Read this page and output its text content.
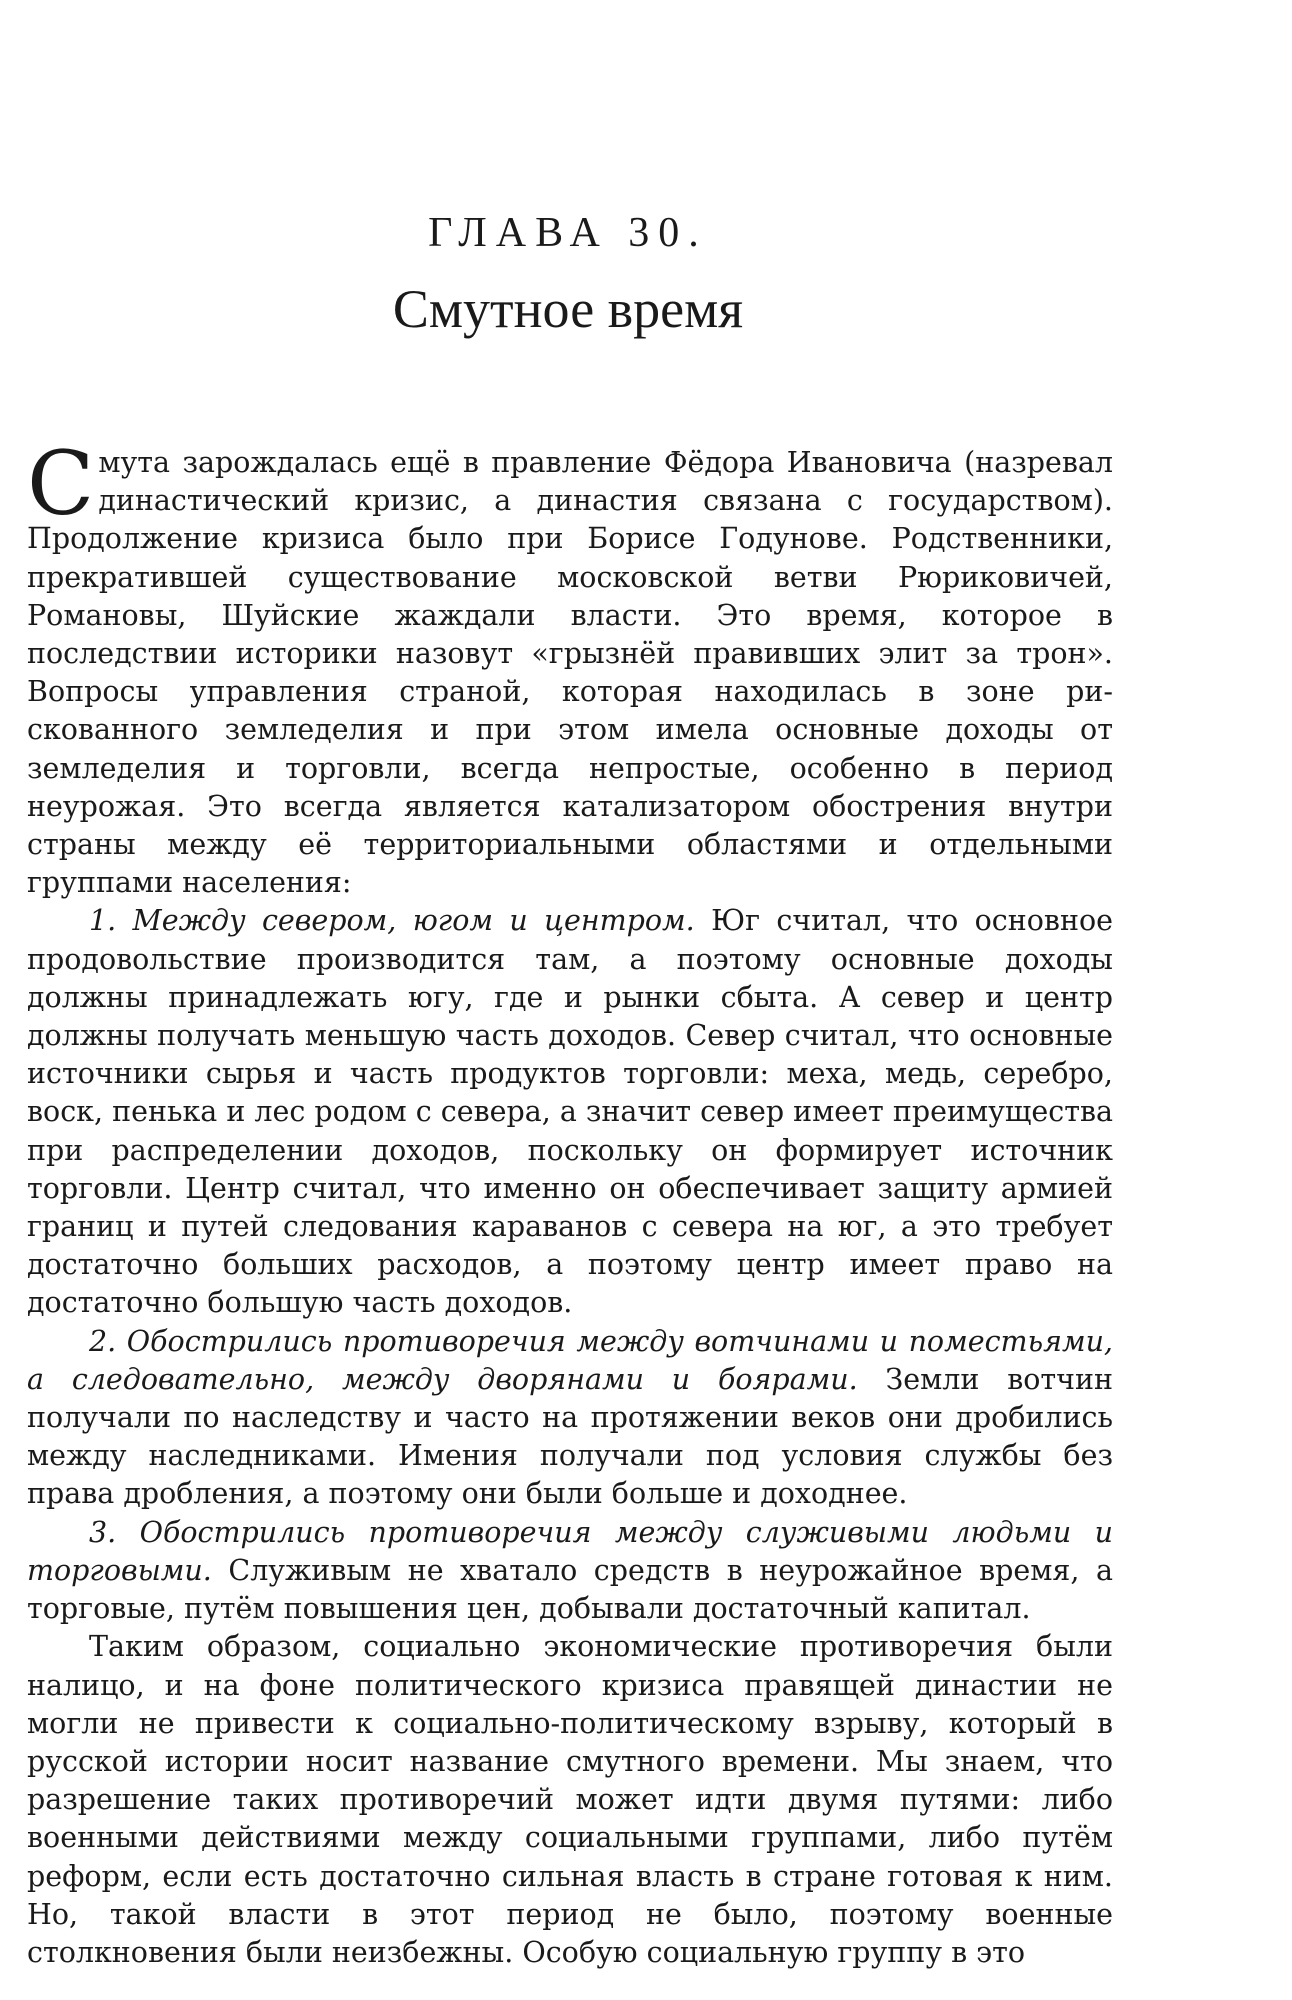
ГЛАВА 30.
Смутное время

Смута зарождалась ещё в правление Фёдора Ивановича (назревал династический кризис, а династия связана с государством). Продолжение кризиса было при Борисе Годунове. Родственники, прекратившей существование московской ветви Рюриковичей, Романовы, Шуйские жаждали власти. Это время, которое в последствии историки назовут «грызнёй правивших элит за трон». Вопросы управления страной, которая находилась в зоне рискованного земледелия и при этом имела основные доходы от земледелия и торговли, всегда непростые, особенно в период неурожая. Это всегда является катализатором обострения внутри страны между её территориальными областями и отдельными группами населения:

1. Между севером, югом и центром. Юг считал, что основное продовольствие производится там, а поэтому основные доходы должны принадлежать югу, где и рынки сбыта. А север и центр должны получать меньшую часть доходов. Север считал, что основные источники сырья и часть продуктов торговли: меха, медь, серебро, воск, пенька и лес родом с севера, а значит север имеет преимущества при распределении доходов, поскольку он формирует источник торговли. Центр считал, что именно он обеспечивает защиту армией границ и путей следования караванов с севера на юг, а это требует достаточно больших расходов, а поэтому центр имеет право на достаточно большую часть доходов.

2. Обострились противоречия между вотчинами и поместьями, а следовательно, между дворянами и боярами. Земли вотчин получали по наследству и часто на протяжении веков они дробились между наследниками. Имения получали под условия службы без права дробления, а поэтому они были больше и доходнее.

3. Обострились противоречия между служивыми людьми и торговыми. Служивым не хватало средств в неурожайное время, а торговые, путём повышения цен, добывали достаточный капитал.

Таким образом, социально экономические противоречия были налицо, и на фоне политического кризиса правящей династии не могли не привести к социально-политическому взрыву, который в русской истории носит название смутного времени. Мы знаем, что разрешение таких противоречий может идти двумя путями: либо военными действиями между социальными группами, либо путём реформ, если есть достаточно сильная власть в стране готовая к ним. Но, такой власти в этот период не было, поэтому военные столкновения были неизбежны. Особую социальную группу в это
